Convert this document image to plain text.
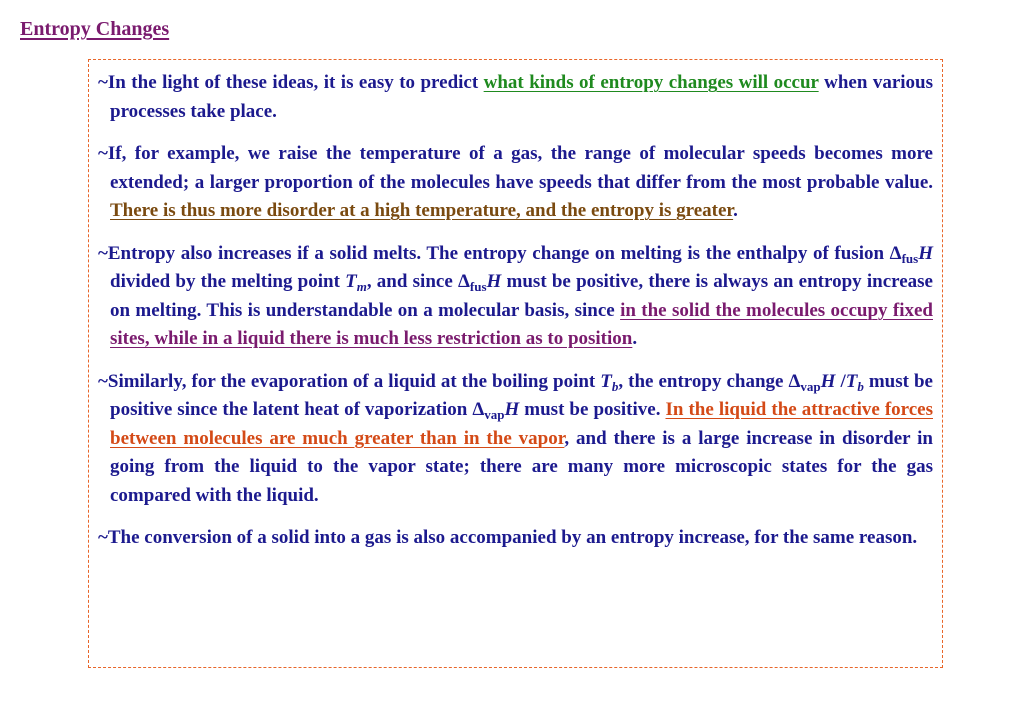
Entropy Changes

~In the light of these ideas, it is easy to predict what kinds of entropy changes will occur when various processes take place.

~If, for example, we raise the temperature of a gas, the range of molecular speeds becomes more extended; a larger proportion of the molecules have speeds that differ from the most probable value. There is thus more disorder at a high temperature, and the entropy is greater.

~Entropy also increases if a solid melts. The entropy change on melting is the enthalpy of fusion $\Delta_{fus}H$ divided by the melting point $T_m$, and since $\Delta_{fus}H$ must be positive, there is always an entropy increase on melting. This is understandable on a molecular basis, since in the solid the molecules occupy fixed sites, while in a liquid there is much less restriction as to position.

~Similarly, for the evaporation of a liquid at the boiling point $T_b$, the entropy change $\Delta_{vap}H$ $/T_b$ must be positive since the latent heat of vaporization $\Delta_{vap}H$ must be positive. In the liquid the attractive forces between molecules are much greater than in the vapor, and there is a large increase in disorder in going from the liquid to the vapor state; there are many more microscopic states for the gas compared with the liquid.

~The conversion of a solid into a gas is also accompanied by an entropy increase, for the same reason.
